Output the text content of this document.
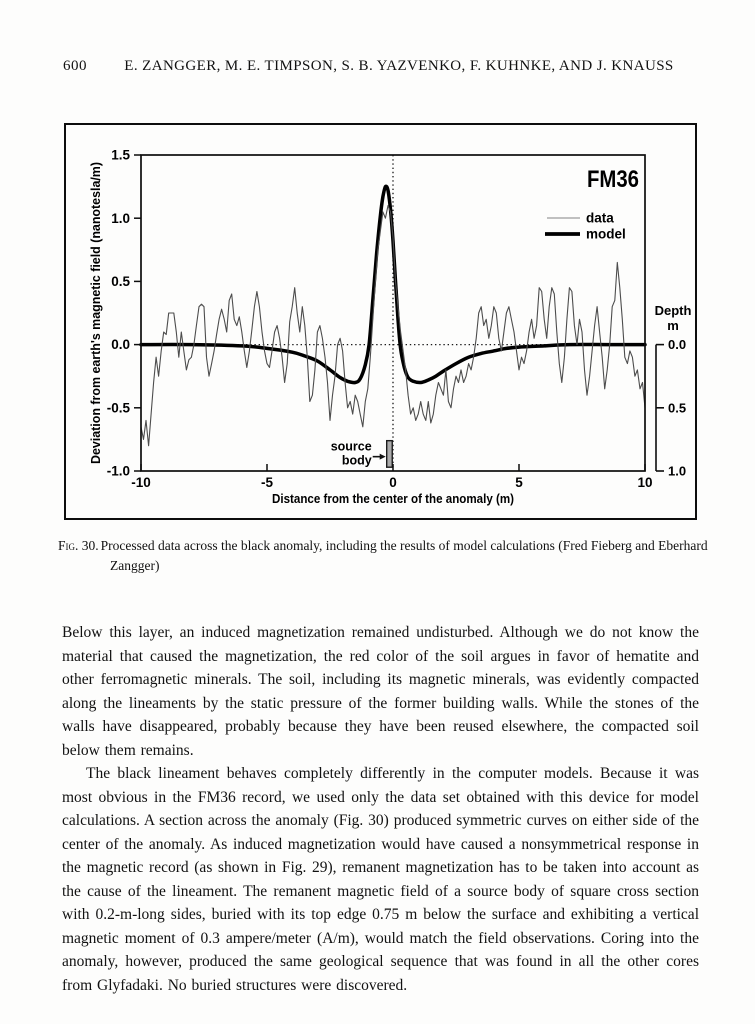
600	E. ZANGGER, M. E. TIMPSON, S. B. YAZVENKO, F. KUHNKE, AND J. KNAUSS
source
body
1.5
1.0
0.5
0.0
-0.5
-1.0
-10	-5	0	5	10
Distance from the center of the anomaly (m)
Deviation from earth's magnetic field (nanotesla/m)	FM36
data
model
0.0
0.5
1.0
Depth
m
Fig. 30. Processed data across the black anomaly, including the results of model calculations (Fred Fieberg and Eberhard Zangger)

Below this layer, an induced magnetization remained undisturbed. Although we do not know the material that caused the magnetization, the red color of the soil argues in favor of hematite and other ferromagnetic minerals. The soil, including its magnetic minerals, was evidently compacted along the lineaments by the static pressure of the former building walls. While the stones of the walls have disappeared, probably because they have been reused elsewhere, the compacted soil below them remains.

The black lineament behaves completely differently in the computer models. Because it was most obvious in the FM36 record, we used only the data set obtained with this device for model calculations. A section across the anomaly (Fig. 30) produced symmetric curves on either side of the center of the anomaly. As induced magnetization would have caused a nonsymmetrical response in the magnetic record (as shown in Fig. 29), remanent magnetization has to be taken into account as the cause of the lineament. The remanent magnetic field of a source body of square cross section with 0.2-m-long sides, buried with its top edge 0.75 m below the surface and exhibiting a vertical magnetic moment of 0.3 ampere/meter (A/m), would match the field observations. Coring into the anomaly, however, produced the same geological sequence that was found in all the other cores from Glyfadaki. No buried structures were discovered.
